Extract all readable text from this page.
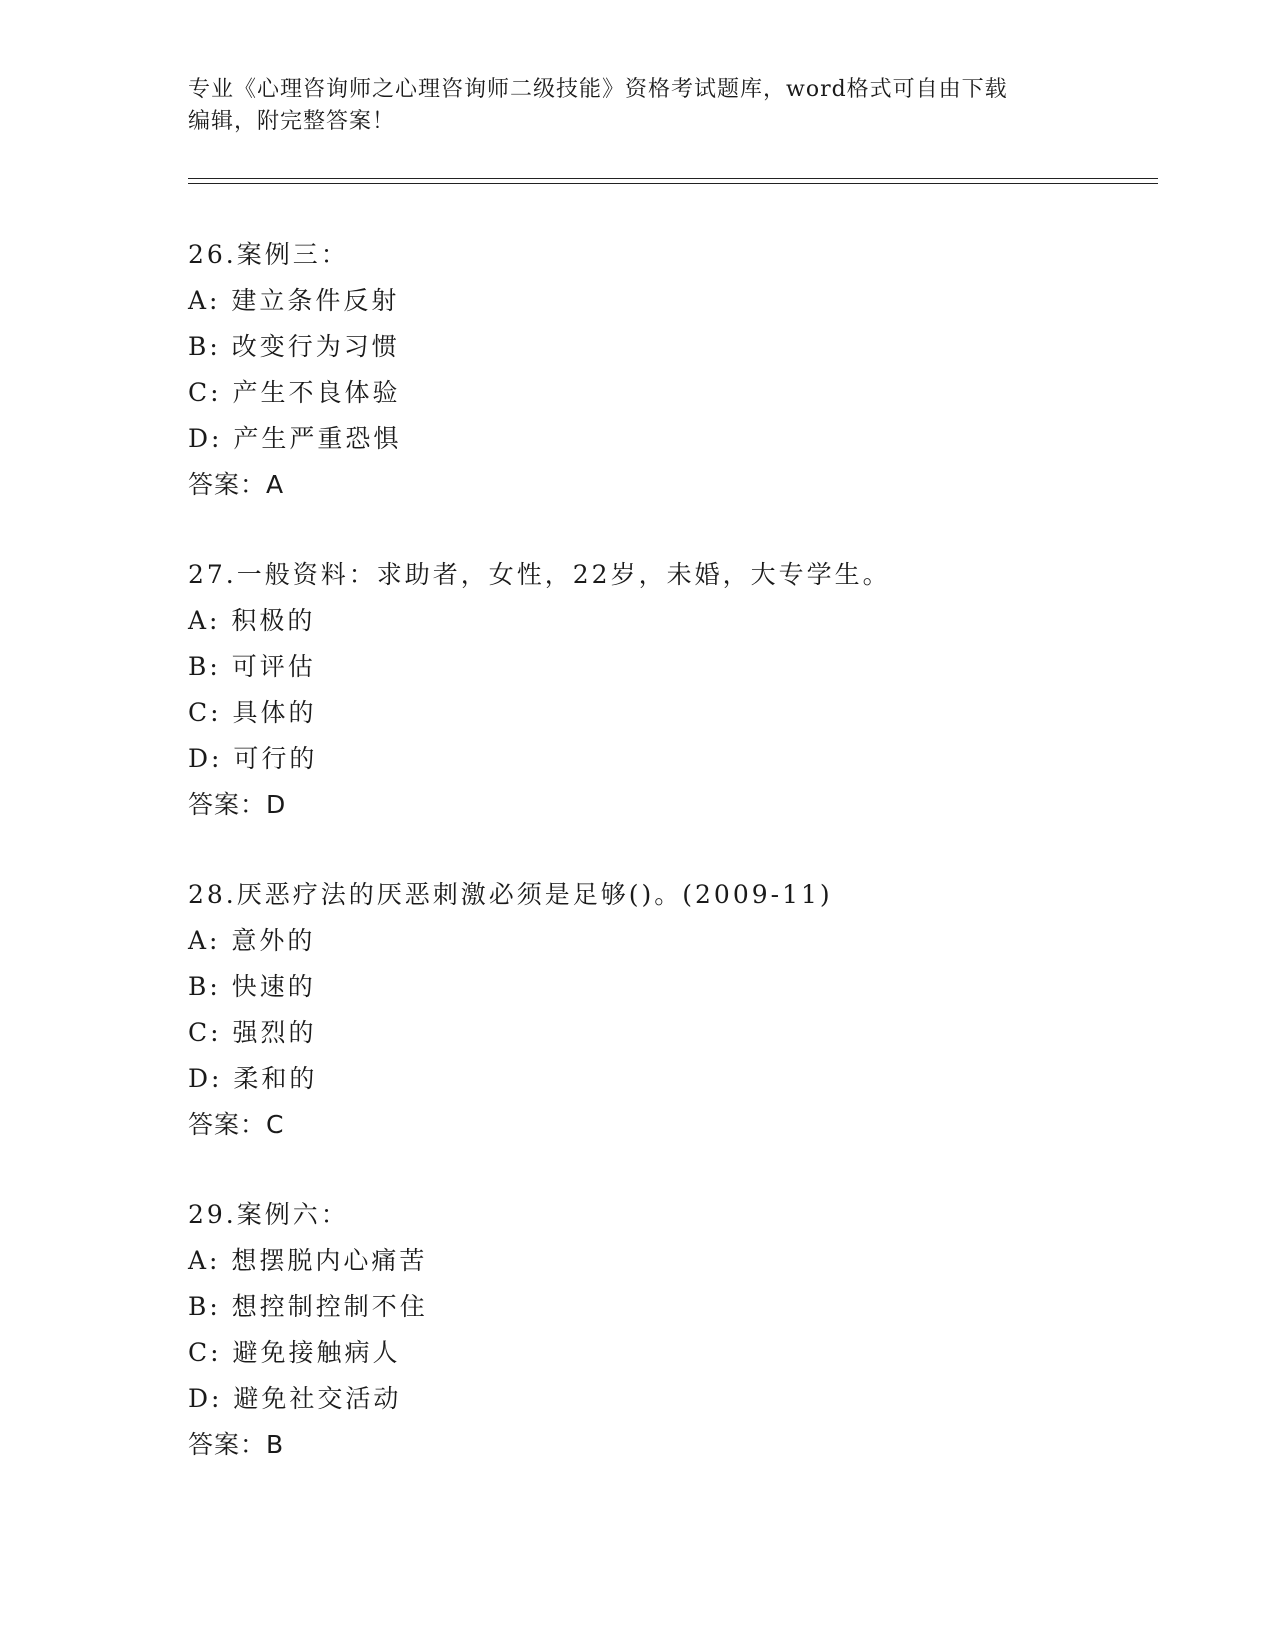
专业《心理咨询师之心理咨询师二级技能》资格考试题库，word格式可自由下载
编辑，附完整答案！
26.案例三：
A: 建立条件反射
B: 改变行为习惯
C: 产生不良体验
D: 产生严重恐惧
答案：A
27.一般资料：求助者，女性，22岁，未婚，大专学生。
A: 积极的
B: 可评估
C: 具体的
D: 可行的
答案：D
28.厌恶疗法的厌恶刺激必须是足够()。(2009-11)
A: 意外的
B: 快速的
C: 强烈的
D: 柔和的
答案：C
29.案例六：
A: 想摆脱内心痛苦
B: 想控制控制不住
C: 避免接触病人
D: 避免社交活动
答案：B
